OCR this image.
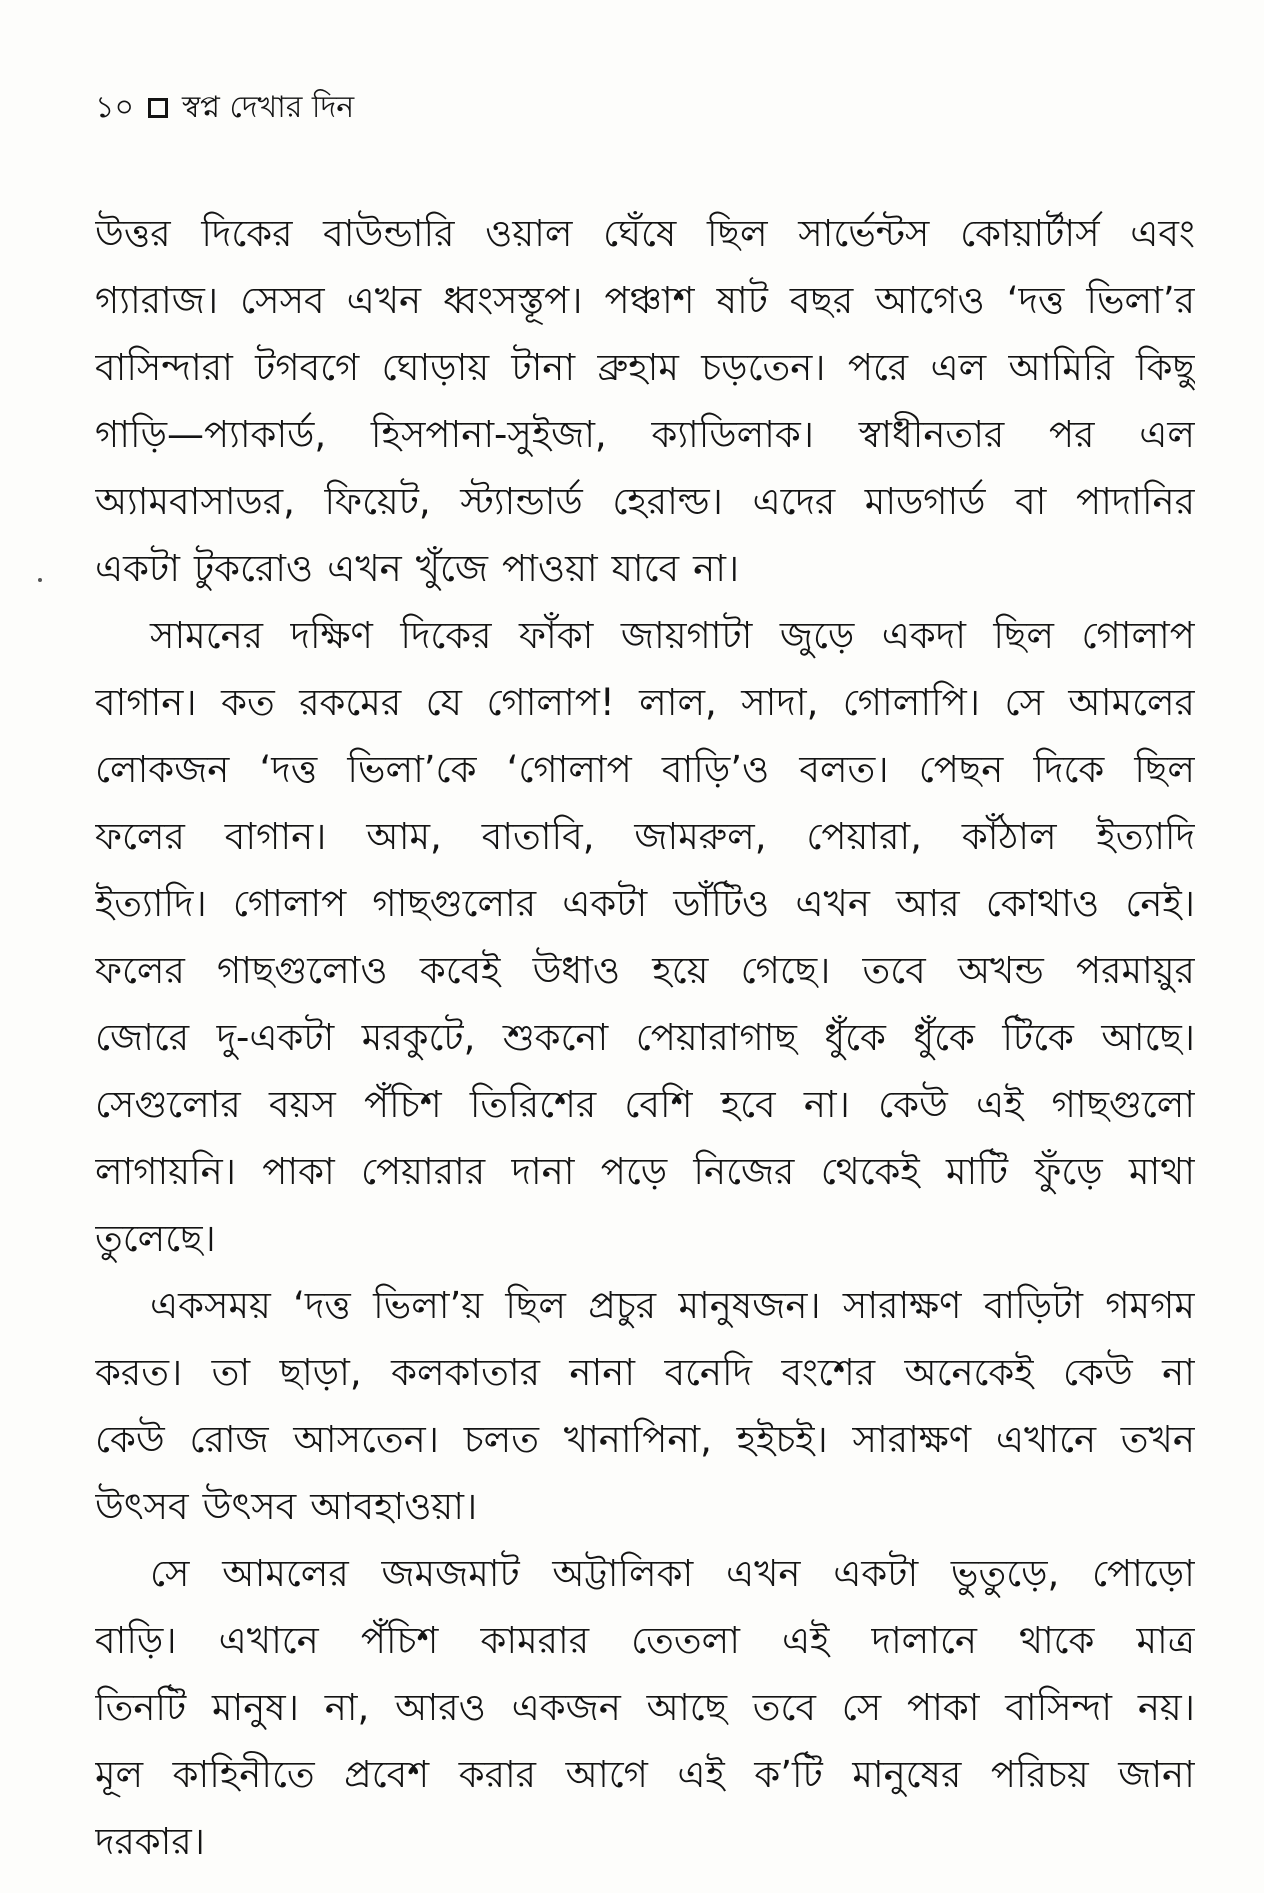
১০ স্বপ্ন দেখার দিন
উত্তর দিকের বাউন্ডারি ওয়াল ঘেঁষে ছিল সার্ভেন্টস কোয়ার্টার্স এবং
গ্যারাজ। সেসব এখন ধ্বংসস্তূপ। পঞ্চাশ ষাট বছর আগেও ‘দত্ত ভিলা’র
বাসিন্দারা টগবগে ঘোড়ায় টানা ব্রুহাম চড়তেন। পরে এল আমিরি কিছু
গাড়ি—প্যাকার্ড, হিসপানা-সুইজা, ক্যাডিলাক। স্বাধীনতার পর এল
অ্যামবাসাডর, ফিয়েট, স্ট্যান্ডার্ড হেরাল্ড। এদের মাডগার্ড বা পাদানির
একটা টুকরোও এখন খুঁজে পাওয়া যাবে না।
সামনের দক্ষিণ দিকের ফাঁকা জায়গাটা জুড়ে একদা ছিল গোলাপ
বাগান। কত রকমের যে গোলাপ! লাল, সাদা, গোলাপি। সে আমলের
লোকজন ‘দত্ত ভিলা’কে ‘গোলাপ বাড়ি’ও বলত। পেছন দিকে ছিল
ফলের বাগান। আম, বাতাবি, জামরুল, পেয়ারা, কাঁঠাল ইত্যাদি
ইত্যাদি। গোলাপ গাছগুলোর একটা ডাঁটিও এখন আর কোথাও নেই।
ফলের গাছগুলোও কবেই উধাও হয়ে গেছে। তবে অখন্ড পরমায়ুর
জোরে দু-একটা মরকুটে, শুকনো পেয়ারাগাছ ধুঁকে ধুঁকে টিকে আছে।
সেগুলোর বয়স পঁচিশ তিরিশের বেশি হবে না। কেউ এই গাছগুলো
লাগায়নি। পাকা পেয়ারার দানা পড়ে নিজের থেকেই মাটি ফুঁড়ে মাথা
তুলেছে।
একসময় ‘দত্ত ভিলা’য় ছিল প্রচুর মানুষজন। সারাক্ষণ বাড়িটা গমগম
করত। তা ছাড়া, কলকাতার নানা বনেদি বংশের অনেকেই কেউ না
কেউ রোজ আসতেন। চলত খানাপিনা, হইচই। সারাক্ষণ এখানে তখন
উৎসব উৎসব আবহাওয়া।
সে আমলের জমজমাট অট্টালিকা এখন একটা ভুতুড়ে, পোড়ো
বাড়ি। এখানে পঁচিশ কামরার তেতলা এই দালানে থাকে মাত্র
তিনটি মানুষ। না, আরও একজন আছে তবে সে পাকা বাসিন্দা নয়।
মূল কাহিনীতে প্রবেশ করার আগে এই ক’টি মানুষের পরিচয় জানা
দরকার।
